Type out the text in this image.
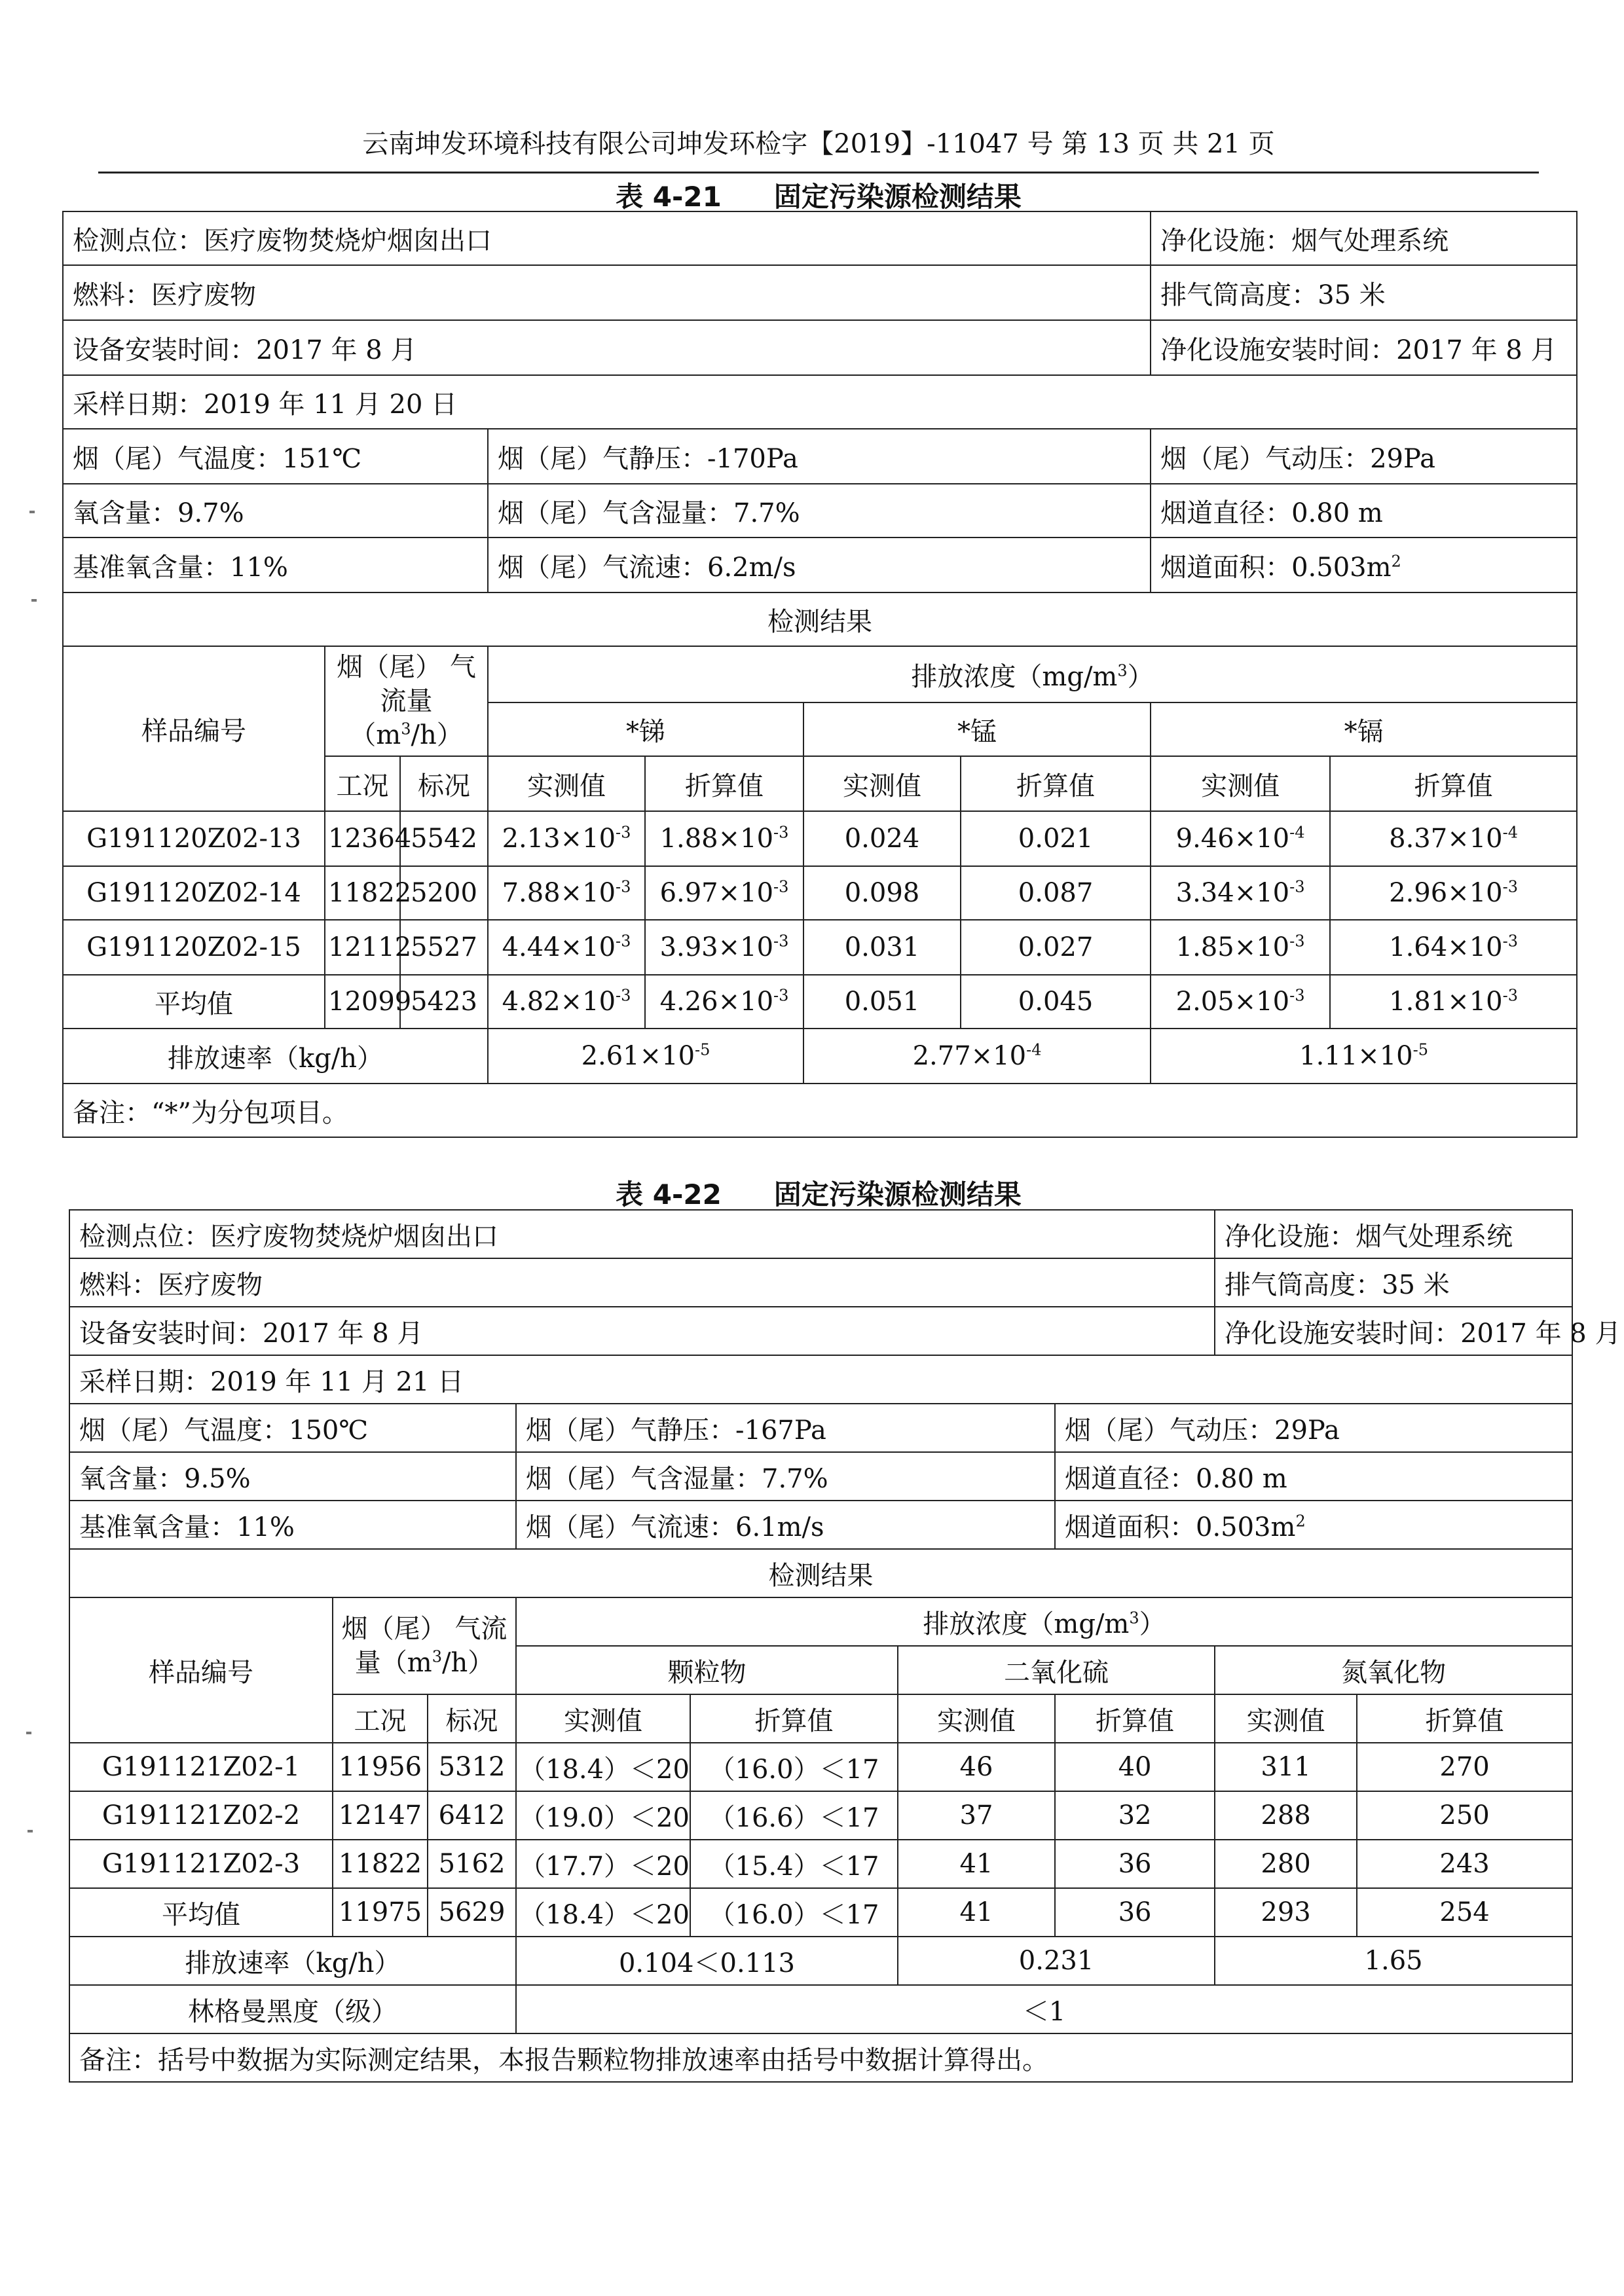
云南坤发环境科技有限公司坤发环检字【2019】-11047 号 第 13 页 共 21 页
表 4-21 固定污染源检测结果
检测点位：医疗废物焚烧炉烟囱出口							净化设施：烟气处理系统	
燃料：医疗废物							排气筒高度：35 米	
设备安装时间：2017 年 8 月							净化设施安装时间：2017 年 8 月	
采样日期：2019 年 11 月 20 日								
烟（尾）气温度：151℃			烟（尾）气静压：-170Pa				烟（尾）气动压：29Pa	
氧含量：9.7%			烟（尾）气含湿量：7.7%				烟道直径：0.80 m	
基准氧含量：11%			烟（尾）气流速：6.2m/s				烟道面积：$0.503m^2$
检测结果								
样品编号	烟（尾） 气流量$(m^3/h)$		排放浓度$(mg/m^3)$					
			*锑		*锰		*镉	
	工况	标况	实测值	折算值	实测值	折算值	实测值	折算值
G191120Z02-13	12364	5542	$2.13\times 10^{-3}$	$1.88\times 10^{-3}$	0.024	0.021	$9.46\times 10^{-4}$	$8.37\times 10^{-4}$
G191120Z02-14	11822	5200	$7.88\times 10^{-3}$	$6.97\times 10^{-3}$	0.098	0.087	$3.34\times 10^{-3}$	$2.96\times 10^{-3}$
G191120Z02-15	12112	5527	$4.44\times 10^{-3}$	$3.93\times 10^{-3}$	0.031	0.027	$1.85\times 10^{-3}$	$1.64\times 10^{-3}$
平均值	12099	5423	$4.82\times 10^{-3}$	$4.26\times 10^{-3}$	0.051	0.045	$2.05\times 10^{-3}$	$1.81\times 10^{-3}$
排放速率（kg/h）			$2.61\times 10^{-5}$		$2.77\times 10^{-4}$		$1.11\times 10^{-5}$
备注：“*”为分包项目。								
表 4-22 固定污染源检测结果
检测点位：医疗废物焚烧炉烟囱出口							净化设施：烟气处理系统	
燃料：医疗废物							排气筒高度：35 米	
设备安装时间：2017 年 8 月							净化设施安装时间：2017 年 8 月	
采样日期：2019 年 11 月 21 日								
烟（尾）气温度：150℃			烟（尾）气静压：-167Pa			烟（尾）气动压：29Pa		
氧含量：9.5%			烟（尾）气含湿量：7.7%			烟道直径：0.80 m		
基准氧含量：11%			烟（尾）气流速：6.1m/s			烟道面积：$0.503m^2$
检测结果								
样品编号	烟（尾） 气流量$(m^3/h)$		排放浓度$(mg/m^3)$					
			颗粒物		二氧化硫		氮氧化物	
	工况	标况	实测值	折算值	实测值	折算值	实测值	折算值
G191121Z02-1	11956	5312	（18.4）＜20	（16.0）＜17	46	40	311	270
G191121Z02-2	12147	6412	（19.0）＜20	（16.6）＜17	37	32	288	250
G191121Z02-3	11822	5162	（17.7）＜20	（15.4）＜17	41	36	280	243
平均值	11975	5629	（18.4）＜20	（16.0）＜17	41	36	293	254
排放速率（kg/h）			0.104＜0.113		0.231		1.65	
林格曼黑度（级）			＜1					
备注：括号中数据为实际测定结果，本报告颗粒物排放速率由括号中数据计算得出。								
